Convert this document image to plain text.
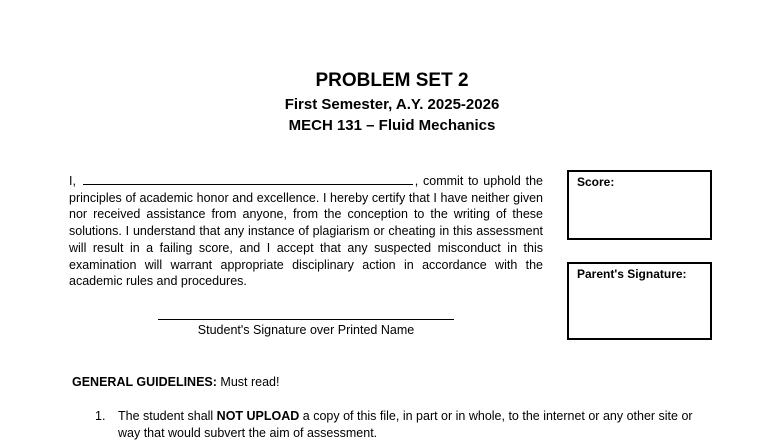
PROBLEM SET 2
First Semester, A.Y. 2025-2026
MECH 131 – Fluid Mechanics

I,	, commit to uphold the principles of academic honor and excellence. I hereby certify that I have neither given nor received assistance from anyone, from the conception to the writing of these solutions. I understand that any instance of plagiarism or cheating in this assessment will result in a failing score, and I accept that any suspected misconduct in this examination will warrant appropriate disciplinary action in accordance with the academic rules and procedures.

Score:
Parent's Signature:
Student's Signature over Printed Name
GENERAL GUIDELINES: Must read!
1. The student shall NOT UPLOAD a copy of this file, in part or in whole, to the internet or any other site or way that would subvert the aim of assessment.
